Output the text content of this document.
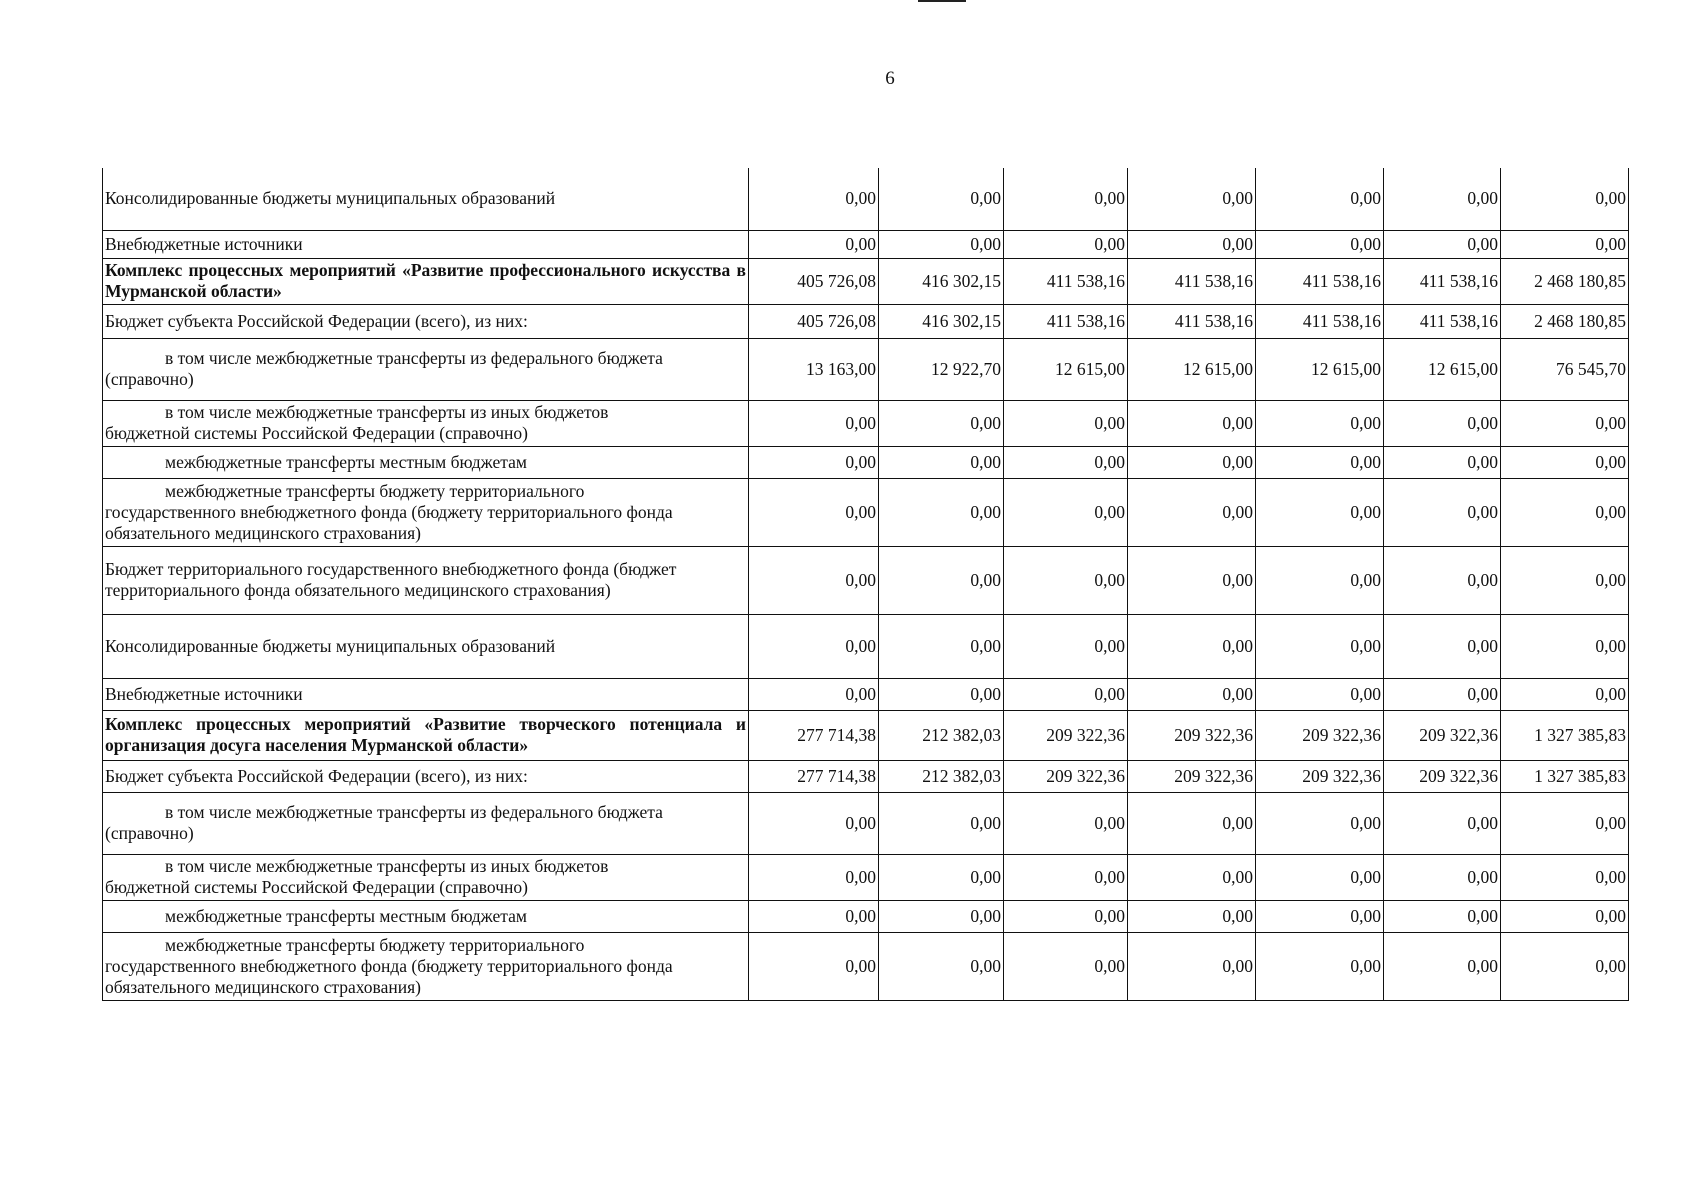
6
Консолидированные бюджеты муниципальных образований	0,00	0,00	0,00	0,00	0,00	0,00	0,00

Внебюджетные источники	0,00	0,00	0,00	0,00	0,00	0,00	0,00

Комплекс процессных мероприятий «Развитие профессионального искусства в Мурманской области»	405 726,08	416 302,15	411 538,16	411 538,16	411 538,16	411 538,16	2 468 180,85

Бюджет субъекта Российской Федерации (всего), из них:	405 726,08	416 302,15	411 538,16	411 538,16	411 538,16	411 538,16	2 468 180,85

в том числе межбюджетные трансферты из федерального бюджета
(справочно)	13 163,00	12 922,70	12 615,00	12 615,00	12 615,00	12 615,00	76 545,70

в том числе межбюджетные трансферты из иных бюджетов
бюджетной системы Российской Федерации (справочно)	0,00	0,00	0,00	0,00	0,00	0,00	0,00

межбюджетные трансферты местным бюджетам	0,00	0,00	0,00	0,00	0,00	0,00	0,00

межбюджетные трансферты бюджету территориального
государственного внебюджетного фонда (бюджету территориального фонда обязательного медицинского страхования)	0,00	0,00	0,00	0,00	0,00	0,00	0,00

Бюджет территориального государственного внебюджетного фонда (бюджет территориального фонда обязательного медицинского страхования)	0,00	0,00	0,00	0,00	0,00	0,00	0,00

Консолидированные бюджеты муниципальных образований	0,00	0,00	0,00	0,00	0,00	0,00	0,00

Внебюджетные источники	0,00	0,00	0,00	0,00	0,00	0,00	0,00

Комплекс процессных мероприятий «Развитие творческого потенциала и организация досуга населения Мурманской области»	277 714,38	212 382,03	209 322,36	209 322,36	209 322,36	209 322,36	1 327 385,83

Бюджет субъекта Российской Федерации (всего), из них:	277 714,38	212 382,03	209 322,36	209 322,36	209 322,36	209 322,36	1 327 385,83

в том числе межбюджетные трансферты из федерального бюджета
(справочно)	0,00	0,00	0,00	0,00	0,00	0,00	0,00

в том числе межбюджетные трансферты из иных бюджетов
бюджетной системы Российской Федерации (справочно)	0,00	0,00	0,00	0,00	0,00	0,00	0,00

межбюджетные трансферты местным бюджетам	0,00	0,00	0,00	0,00	0,00	0,00	0,00

межбюджетные трансферты бюджету территориального
государственного внебюджетного фонда (бюджету территориального фонда обязательного медицинского страхования)	0,00	0,00	0,00	0,00	0,00	0,00	0,00
